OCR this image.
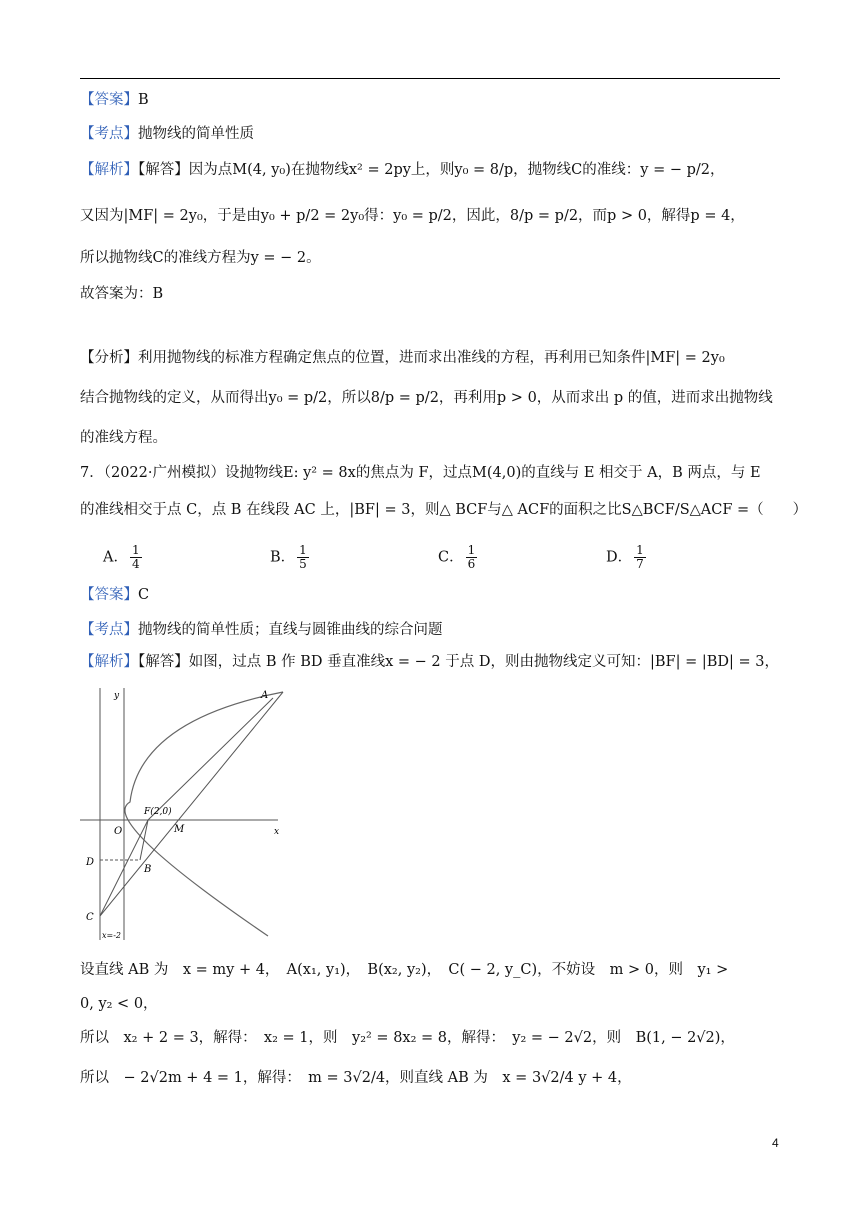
【答案】B
【考点】抛物线的简单性质
【解析】【解答】因为点M(4, y₀)在抛物线x² = 2py上，则y₀ = 8/p，抛物线C的准线：y = − p/2，
又因为|MF| = 2y₀，于是由y₀ + p/2 = 2y₀得：y₀ = p/2，因此，8/p = p/2，而p > 0，解得p = 4，
所以抛物线C的准线方程为y = − 2。
故答案为：B
【分析】利用抛物线的标准方程确定焦点的位置，进而求出准线的方程，再利用已知条件|MF| = 2y₀
结合抛物线的定义，从而得出y₀ = p/2，所以8/p = p/2，再利用p > 0，从而求出 p 的值，进而求出抛物线
的准线方程。
7．（2022·广州模拟）设抛物线E: y² = 8x的焦点为 F，过点M(4,0)的直线与 E 相交于 A，B 两点，与 E
的准线相交于点 C，点 B 在线段 AC 上，|BF| = 3，则△ BCF与△ ACF的面积之比S△BCF/S△ACF =（　　）
A． $\frac{1}{4}$	B． $\frac{1}{5}$	C． $\frac{1}{6}$	D． $\frac{1}{7}$
【答案】C
【考点】抛物线的简单性质；直线与圆锥曲线的综合问题
【解析】【解答】如图，过点 B 作 BD 垂直准线x = − 2 于点 D，则由抛物线定义可知：|BF| = |BD| = 3，
y
x
A
F(2,0)
O	M
D
B
C
x=-2
设直线 AB 为　x = my + 4，　A(x₁, y₁)，　B(x₂, y₂)，　C( − 2, y_C)，不妨设　m > 0，则　y₁ >
0, y₂ < 0，
所以　x₂ + 2 = 3，解得：　x₂ = 1，则　y₂² = 8x₂ = 8，解得：　y₂ = − 2√2，则　B(1, − 2√2)，
所以　− 2√2m + 4 = 1，解得：　m = 3√2/4，则直线 AB 为　x = 3√2/4 y + 4，
4
